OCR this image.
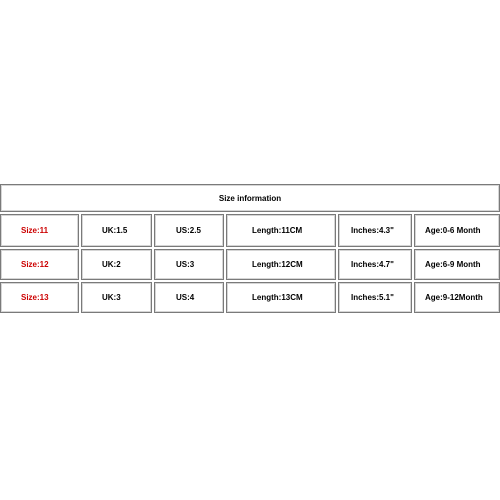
Size information
Size:11	UK:1.5	US:2.5	Length:11CM	Inches:4.3"	Age:0-6 Month
Size:12	UK:2	US:3	Length:12CM	Inches:4.7"	Age:6-9 Month
Size:13	UK:3	US:4	Length:13CM	Inches:5.1"	Age:9-12Month
